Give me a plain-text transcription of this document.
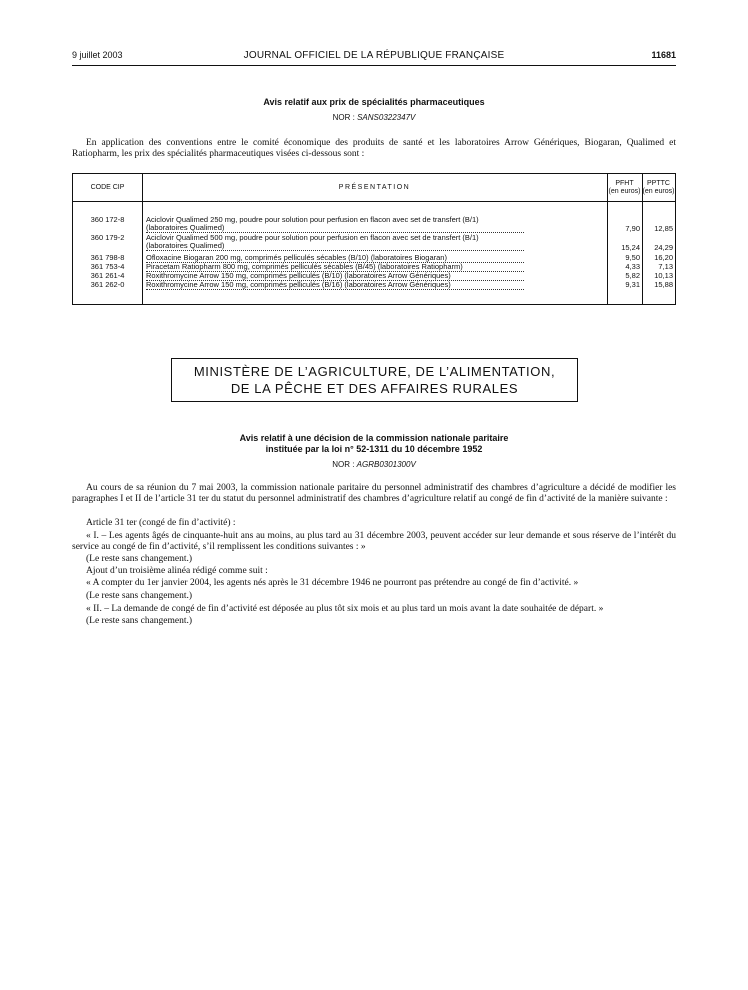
9 juillet 2003	JOURNAL OFFICIEL DE LA RÉPUBLIQUE FRANÇAISE	11681
Avis relatif aux prix de spécialités pharmaceutiques
NOR : SANS0322347V

En application des conventions entre le comité économique des produits de santé et les laboratoires Arrow Génériques, Biogaran, Qualimed et Ratiopharm, les prix des spécialités pharmaceutiques visées ci-dessous sont :

CODE CIP	PRÉSENTATION
PFHT
(en euros)
PPTTC
(en euros)
360 172-8	Aciclovir Qualimed 250 mg, poudre pour solution pour perfusion en flacon avec set de transfert (B/1)
(laboratoires Qualimed)	7,90	12,85
360 179-2	Aciclovir Qualimed 500 mg, poudre pour solution pour perfusion en flacon avec set de transfert (B/1)
(laboratoires Qualimed)	15,24	24,29
361 798-8	Ofloxacine Biogaran 200 mg, comprimés pelliculés sécables (B/10) (laboratoires Biogaran)	9,50	16,20
361 753-4	Piracetam Ratiopharm 800 mg, comprimés pelliculés sécables (B/45) (laboratoires Ratiopharm)	4,33	7,13
361 261-4	Roxithromycine Arrow 150 mg, comprimés pelliculés (B/10) (laboratoires Arrow Génériques)	5,82	10,13
361 262-0	Roxithromycine Arrow 150 mg, comprimés pelliculés (B/16) (laboratoires Arrow Génériques)	9,31	15,88
MINISTÈRE DE L’AGRICULTURE, DE L’ALIMENTATION,
DE LA PÊCHE ET DES AFFAIRES RURALES
Avis relatif à une décision de la commission nationale paritaire
instituée par la loi n° 52-1311 du 10 décembre 1952
NOR : AGRB0301300V

Au cours de sa réunion du 7 mai 2003, la commission nationale paritaire du personnel administratif des chambres d’agriculture a décidé de modifier les paragraphes I et II de l’article 31 ter du statut du personnel administratif des chambres d’agriculture relatif au congé de fin d’activité de la manière suivante :

Article 31 ter (congé de fin d’activité) :

« I. – Les agents âgés de cinquante-huit ans au moins, au plus tard au 31 décembre 2003, peuvent accéder sur leur demande et sous réserve de l’intérêt du service au congé de fin d’activité, s’il remplissent les conditions suivantes : »

(Le reste sans changement.)

Ajout d’un troisième alinéa rédigé comme suit :

« A compter du 1er janvier 2004, les agents nés après le 31 décembre 1946 ne pourront pas prétendre au congé de fin d’activité. »

(Le reste sans changement.)

« II. – La demande de congé de fin d’activité est déposée au plus tôt six mois et au plus tard un mois avant la date souhaitée de départ. »

(Le reste sans changement.)
